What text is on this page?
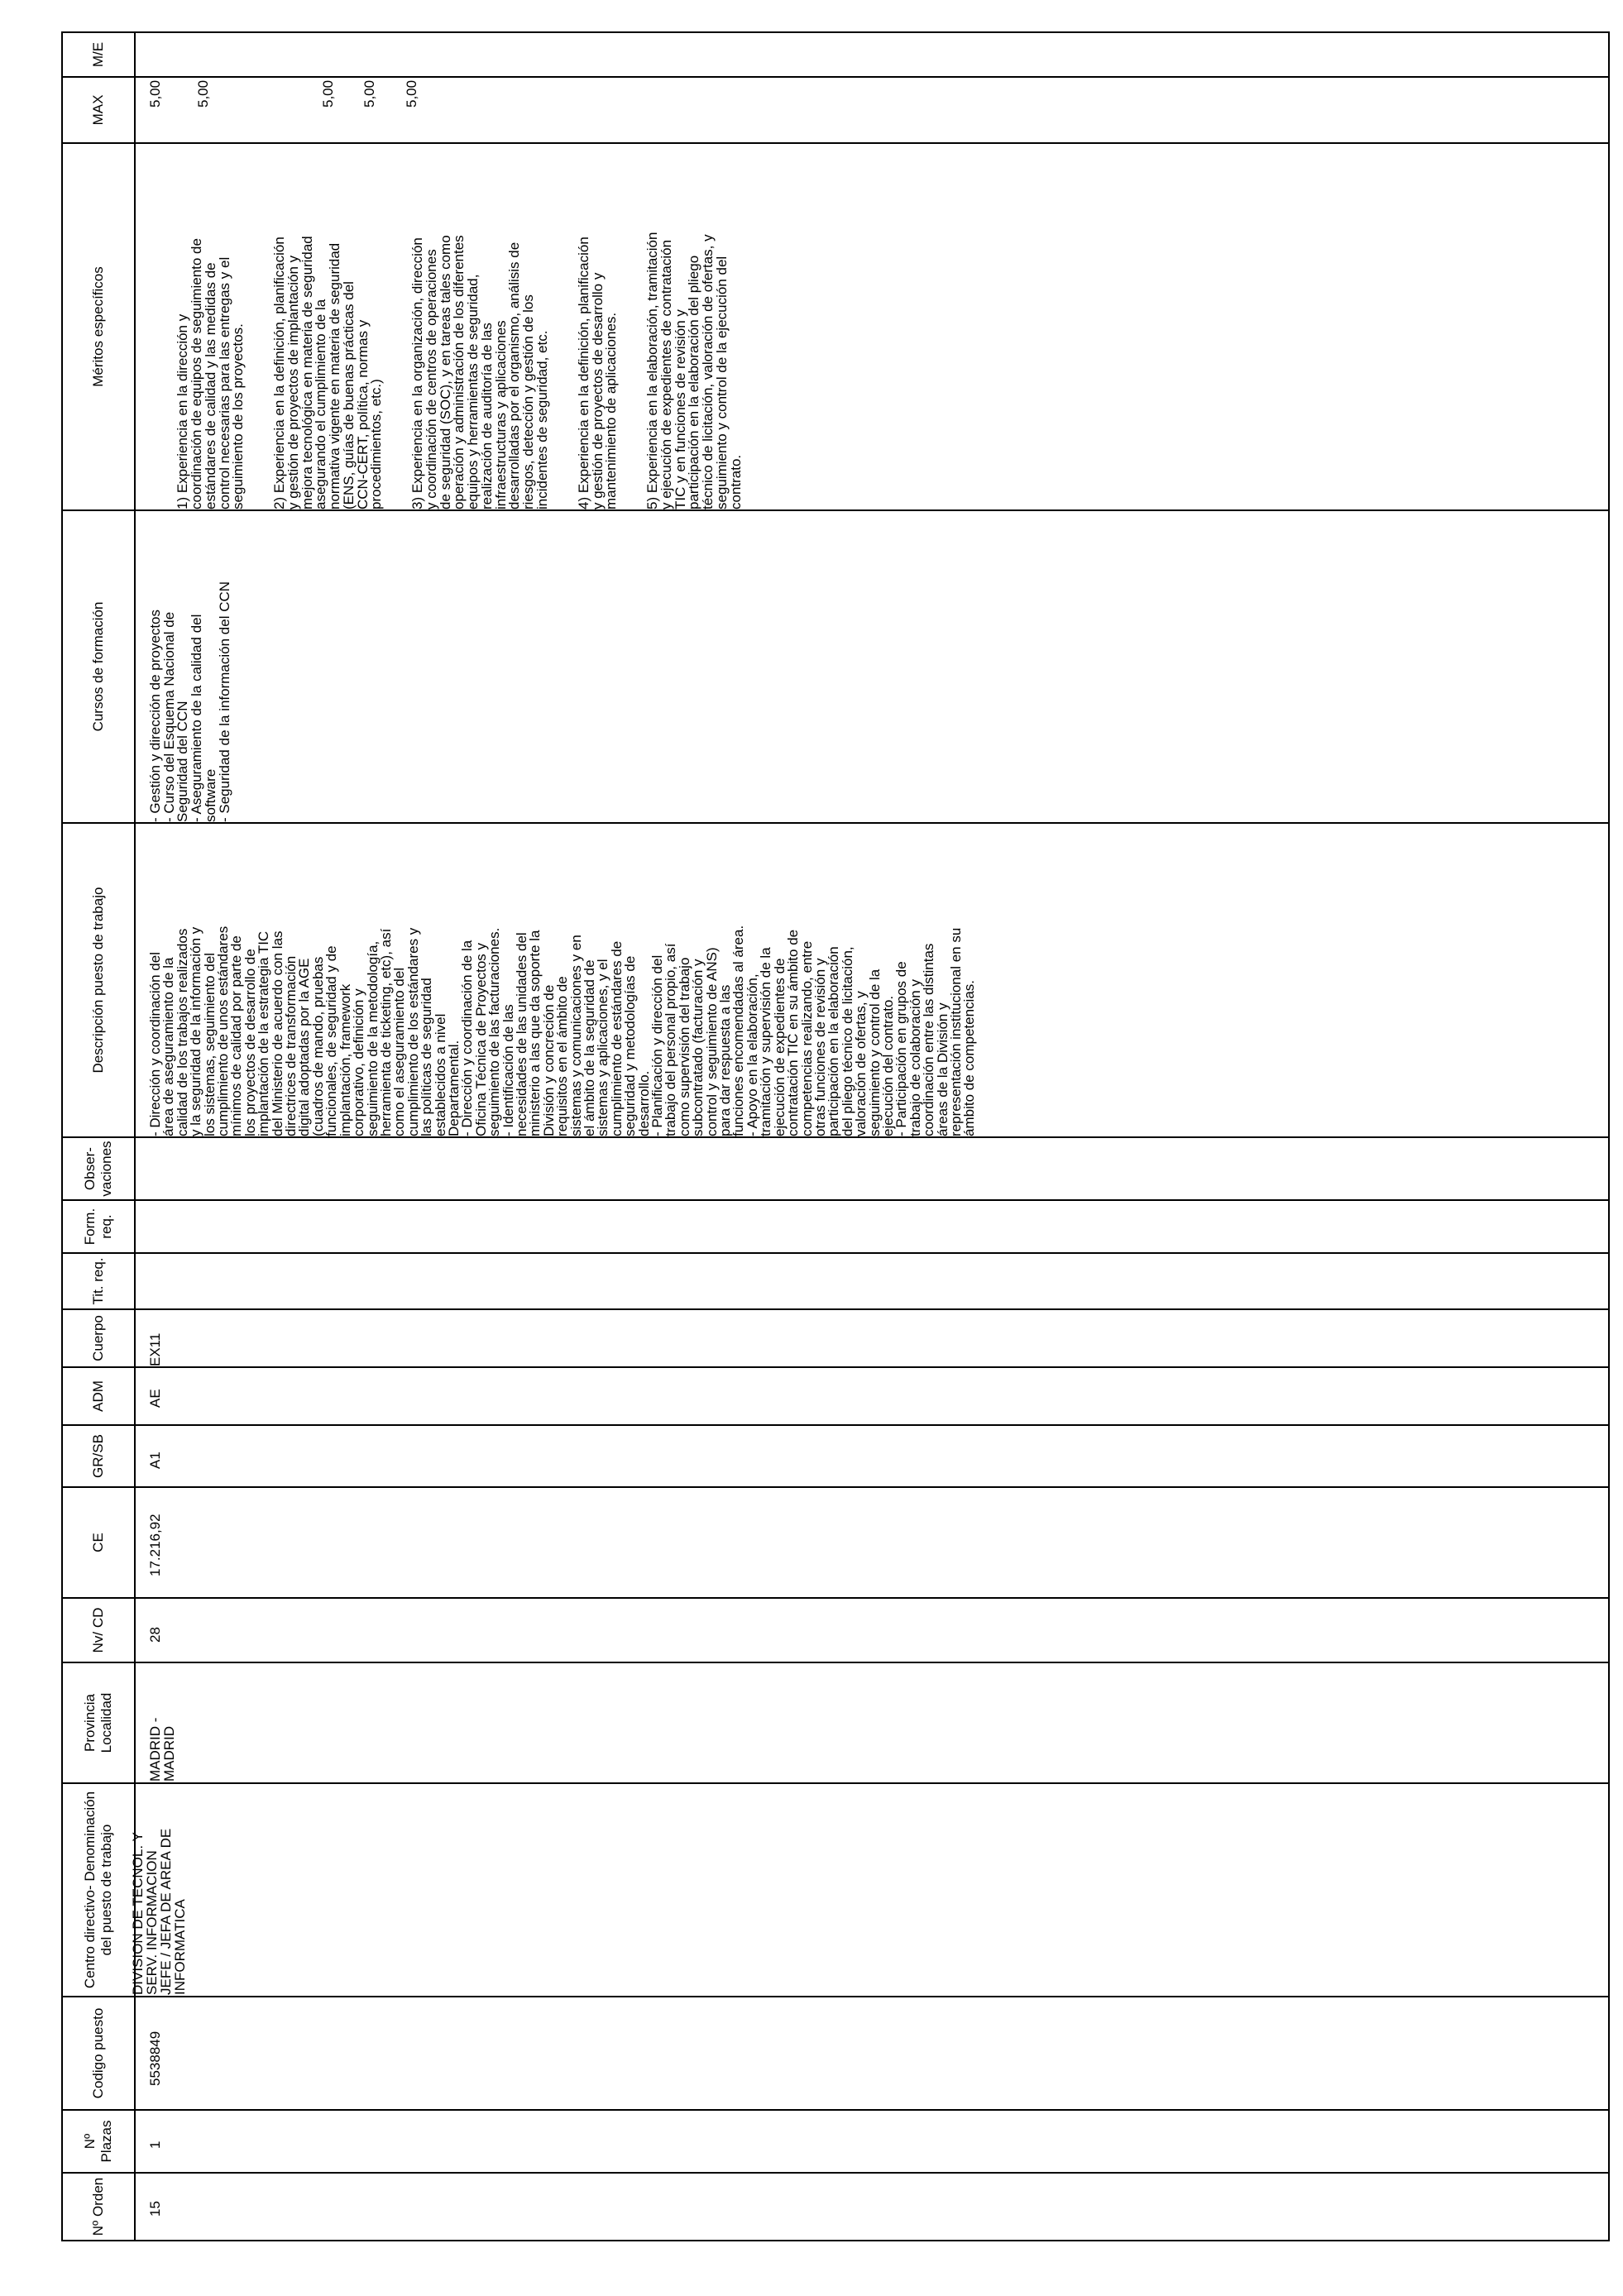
Nº Orden
Nº Plazas
Codigo puesto
Centro directivo- Denominación del puesto de trabajo
Provincia Localidad
Nv/ CD
CE
GR/SB
ADM
Cuerpo
Tit. req.
Form. req.
Obser- vaciones
Descripción puesto de trabajo
Cursos de formación
Méritos específicos
MAX
M/E
15
1
5538849
DIVISION DE TECNOL. Y
SERV. INFORMACION
JEFE / JEFA DE AREA DE
INFORMATICA
MADRID -
MADRID
28
17.216,92
A1
AE
EX11
- Dirección y coordinación del
área de aseguramiento de la
calidad de los trabajos realizados
y la seguridad de la información y
los sistemas, seguimiento del
cumplimiento de unos estándares
mínimos de calidad por parte de
los proyectos de desarrollo de
implantación de la estrategia TIC
del Ministerio de acuerdo con las
directrices de transformación
digital adoptadas por la AGE
(cuadros de mando, pruebas
funcionales, de seguridad y de
implantación, framework
corporativo, definición y
seguimiento de la metodología,
herramienta de ticketing, etc), así
como el aseguramiento del
cumplimiento de los estándares y
las políticas de seguridad
establecidos a nivel
Departamental.
- Dirección y coordinación de la
Oficina Técnica de Proyectos y
seguimiento de las facturaciones.
- Identificación de las
necesidades de las unidades del
ministerio a las que da soporte la
División y concreción de
requisitos en el ámbito de
sistemas y comunicaciones y en
el ámbito de la seguridad de
sistemas y aplicaciones, y el
cumplimiento de estándares de
seguridad y metodologías de
desarrollo.
- Planificación y dirección del
trabajo del personal propio, así
como supervisión del trabajo
subcontratado (facturación y
control y seguimiento de ANS)
para dar respuesta a las
funciones encomendadas al área.
- Apoyo en la elaboración,
tramitación y supervisión de la
ejecución de expedientes de
contratación TIC en su ámbito de
competencias realizando, entre
otras funciones de revisión y
participación en la elaboración
del pliego técnico de licitación,
valoración de ofertas, y
seguimiento y control de la
ejecución del contrato.
- Participación en grupos de
trabajo de colaboración y
coordinación entre las distintas
áreas de la División y
representación institucional en su
ámbito de competencias.
- Gestión y dirección de proyectos
- Curso del Esquema Nacional de
Seguridad del CCN
- Aseguramiento de la calidad del
software
- Seguridad de la información del CCN

1) Experiencia en la dirección y
coordinación de equipos de seguimiento de
estándares de calidad y las medidas de
control necesarias para las entregas y el
seguimiento de los proyectos.

2) Experiencia en la definición, planificación
y gestión de proyectos de implantación y
mejora tecnológica en materia de seguridad
asegurando el cumplimiento de la
normativa vigente en materia de seguridad
(ENS, guías de buenas prácticas del
CCN-CERT, política, normas y
procedimientos, etc.)

3) Experiencia en la organización, dirección
y coordinación de centros de operaciones
de seguridad (SOC), y en tareas tales como
operación y administración de los diferentes
equipos y herramientas de seguridad,
realización de auditoría de las
infraestructuras y aplicaciones
desarrolladas por el organismo, análisis de
riesgos, detección y gestión de los
incidentes de seguridad, etc.

4) Experiencia en la definición, planificación
y gestión de proyectos de desarrollo y
mantenimiento de aplicaciones.

5) Experiencia en la elaboración, tramitación
y ejecución de expedientes de contratación
TIC y en funciones de revisión y
participación en la elaboración del pliego
técnico de licitación, valoración de ofertas, y
seguimiento y control de la ejecución del
contrato.

5,00 5,00	5,00 5,00 5,00
